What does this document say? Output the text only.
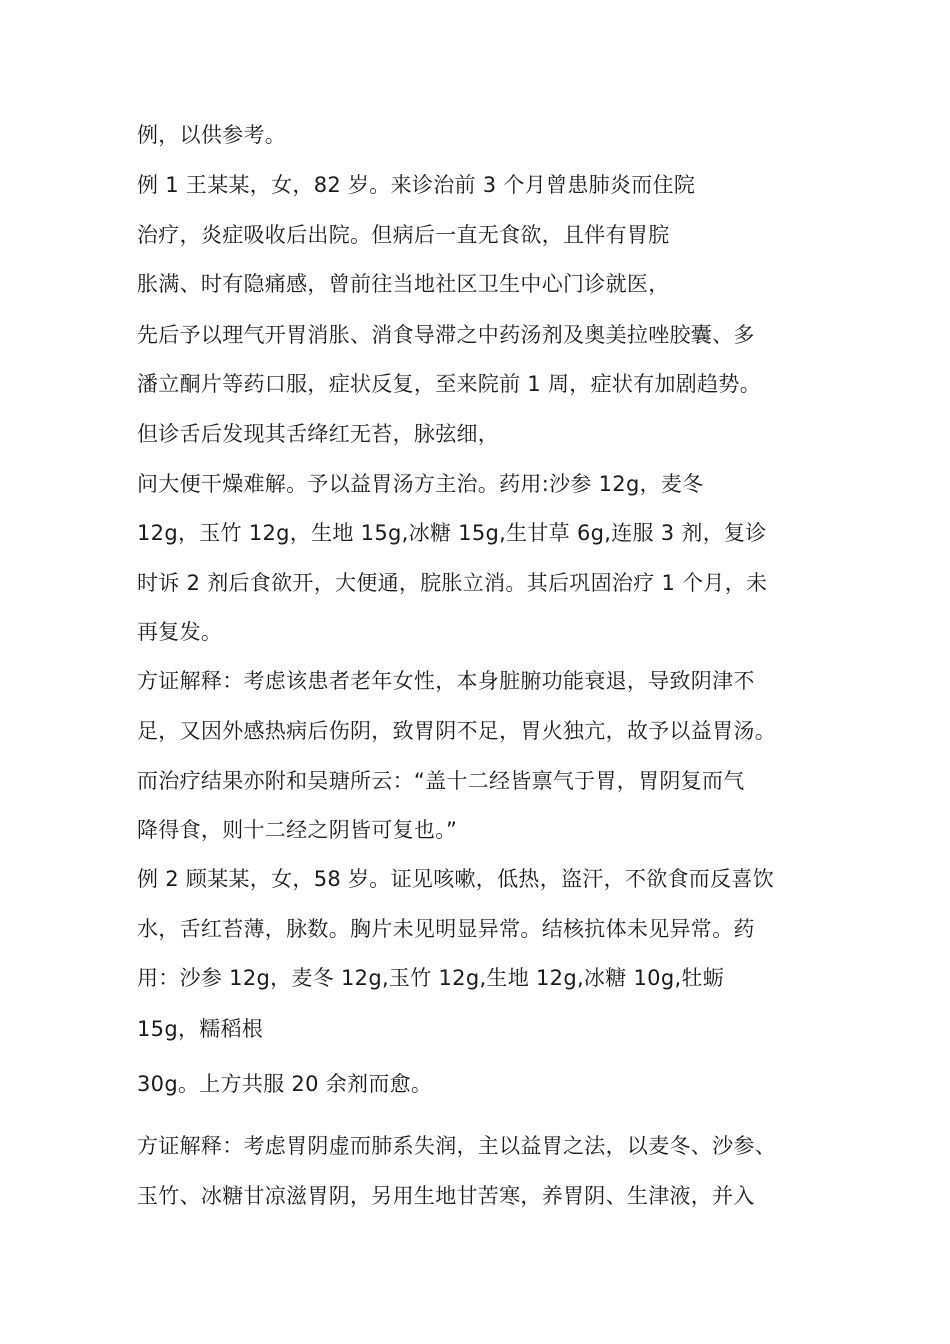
例，以供参考。
例 1 王某某，女，82 岁。来诊治前 3 个月曾患肺炎而住院
治疗，炎症吸收后出院。但病后一直无食欲，且伴有胃脘
胀满、时有隐痛感，曾前往当地社区卫生中心门诊就医，
先后予以理气开胃消胀、消食导滞之中药汤剂及奥美拉唑胶囊、多
潘立酮片等药口服，症状反复，至来院前 1 周，症状有加剧趋势。
但诊舌后发现其舌绛红无苔，脉弦细，
问大便干燥难解。予以益胃汤方主治。药用:沙参 12g，麦冬
12g，玉竹 12g，生地 15g,冰糖 15g,生甘草 6g,连服 3 剂，复诊
时诉 2 剂后食欲开，大便通，脘胀立消。其后巩固治疗 1 个月，未
再复发。
方证解释：考虑该患者老年女性，本身脏腑功能衰退，导致阴津不
足，又因外感热病后伤阴，致胃阴不足，胃火独亢，故予以益胃汤。
而治疗结果亦附和吴瑭所云：“盖十二经皆禀气于胃，胃阴复而气
降得食，则十二经之阴皆可复也。”
例 2 顾某某，女，58 岁。证见咳嗽，低热，盗汗，不欲食而反喜饮
水，舌红苔薄，脉数。胸片未见明显异常。结核抗体未见异常。药
用：沙参 12g，麦冬 12g,玉竹 12g,生地 12g,冰糖 10g,牡蛎
15g，糯稻根
30g。上方共服 20 余剂而愈。
方证解释：考虑胃阴虚而肺系失润，主以益胃之法，以麦冬、沙参、
玉竹、冰糖甘凉滋胃阴，另用生地甘苦寒，养胃阴、生津液，并入
